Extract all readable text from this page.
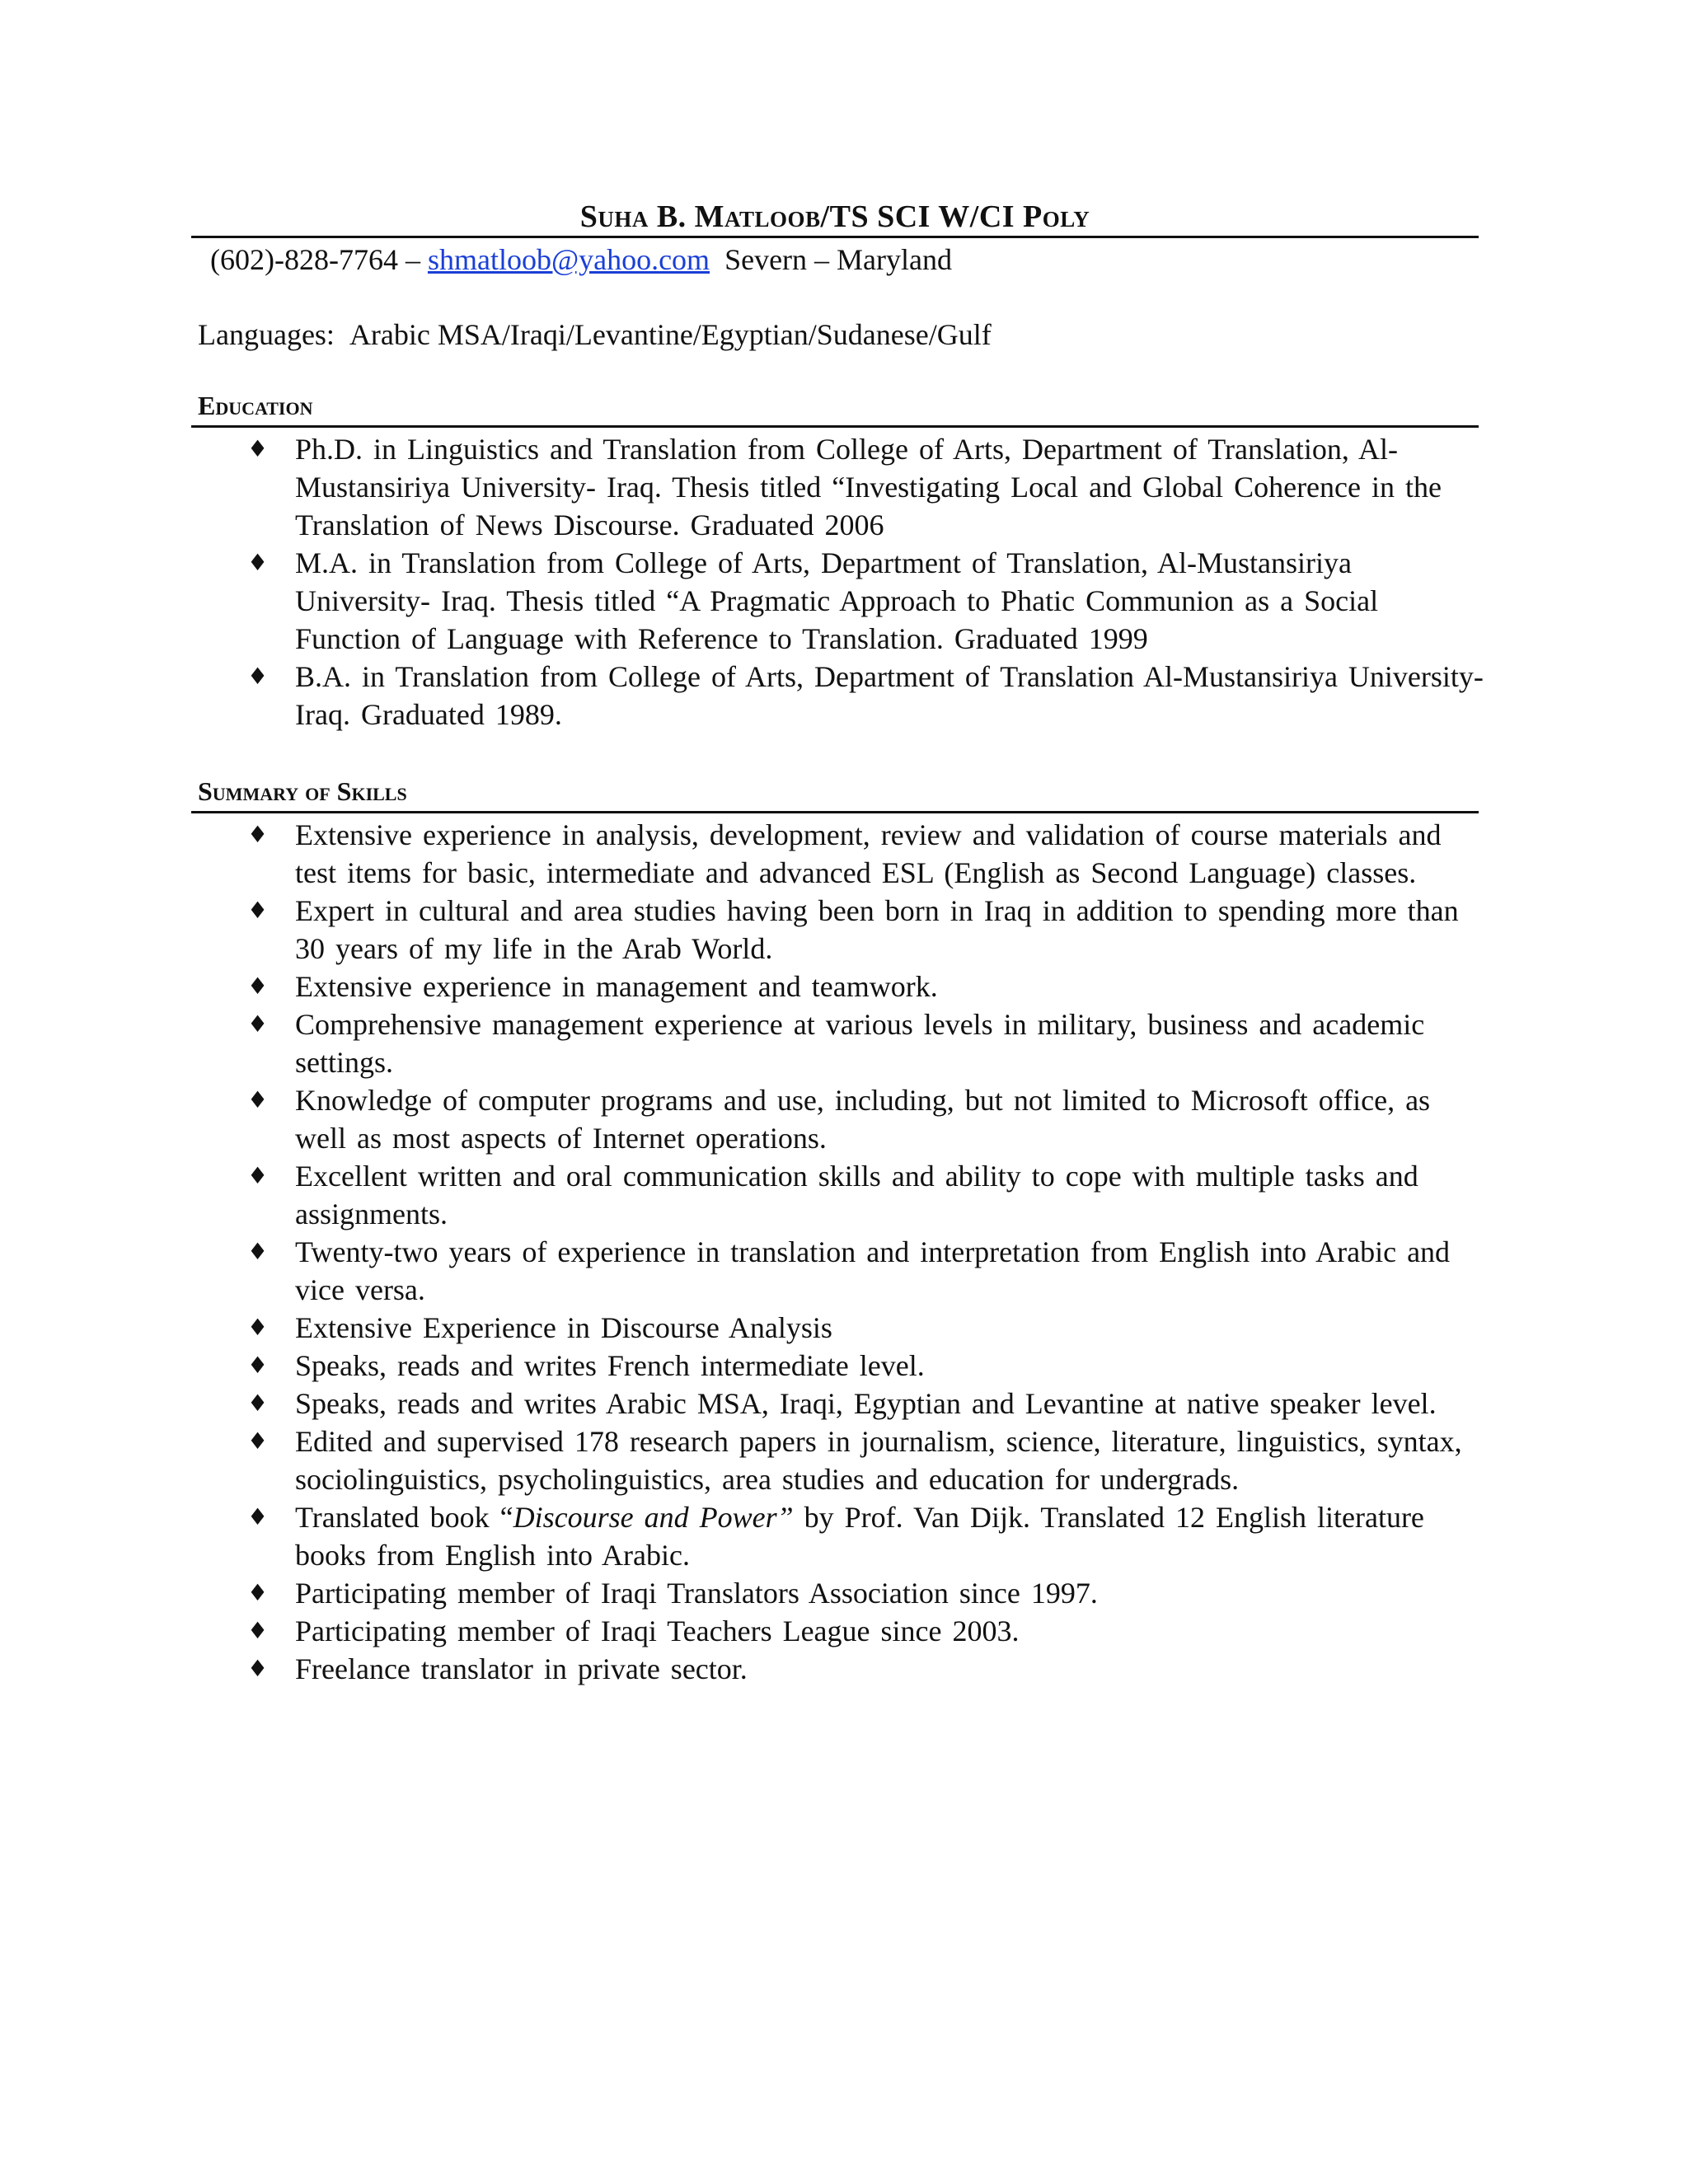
Suha B. Matloob/TS SCI W/CI Poly
(602)-828-7764 – shmatloob@yahoo.com Severn – Maryland
Languages: Arabic MSA/Iraqi/Levantine/Egyptian/Sudanese/Gulf
Education
♦ Ph.D. in Linguistics and Translation from College of Arts, Department of Translation, Al-Mustansiriya University- Iraq. Thesis titled “Investigating Local and Global Coherence in the Translation of News Discourse. Graduated 2006
♦ M.A. in Translation from College of Arts, Department of Translation, Al-Mustansiriya University- Iraq. Thesis titled “A Pragmatic Approach to Phatic Communion as a Social Function of Language with Reference to Translation. Graduated 1999
♦ B.A. in Translation from College of Arts, Department of Translation Al-Mustansiriya University- Iraq. Graduated 1989.
Summary of Skills
♦ Extensive experience in analysis, development, review and validation of course materials and test items for basic, intermediate and advanced ESL (English as Second Language) classes.
♦ Expert in cultural and area studies having been born in Iraq in addition to spending more than 30 years of my life in the Arab World.
♦ Extensive experience in management and teamwork.
♦ Comprehensive management experience at various levels in military, business and academic settings.
♦ Knowledge of computer programs and use, including, but not limited to Microsoft office, as well as most aspects of Internet operations.
♦ Excellent written and oral communication skills and ability to cope with multiple tasks and assignments.
♦ Twenty-two years of experience in translation and interpretation from English into Arabic and vice versa.
♦ Extensive Experience in Discourse Analysis
♦ Speaks, reads and writes French intermediate level.
♦ Speaks, reads and writes Arabic MSA, Iraqi, Egyptian and Levantine at native speaker level.
♦ Edited and supervised 178 research papers in journalism, science, literature, linguistics, syntax, sociolinguistics, psycholinguistics, area studies and education for undergrads.
♦ Translated book “Discourse and Power” by Prof. Van Dijk. Translated 12 English literature books from English into Arabic.
♦ Participating member of Iraqi Translators Association since 1997.
♦ Participating member of Iraqi Teachers League since 2003.
♦ Freelance translator in private sector.
